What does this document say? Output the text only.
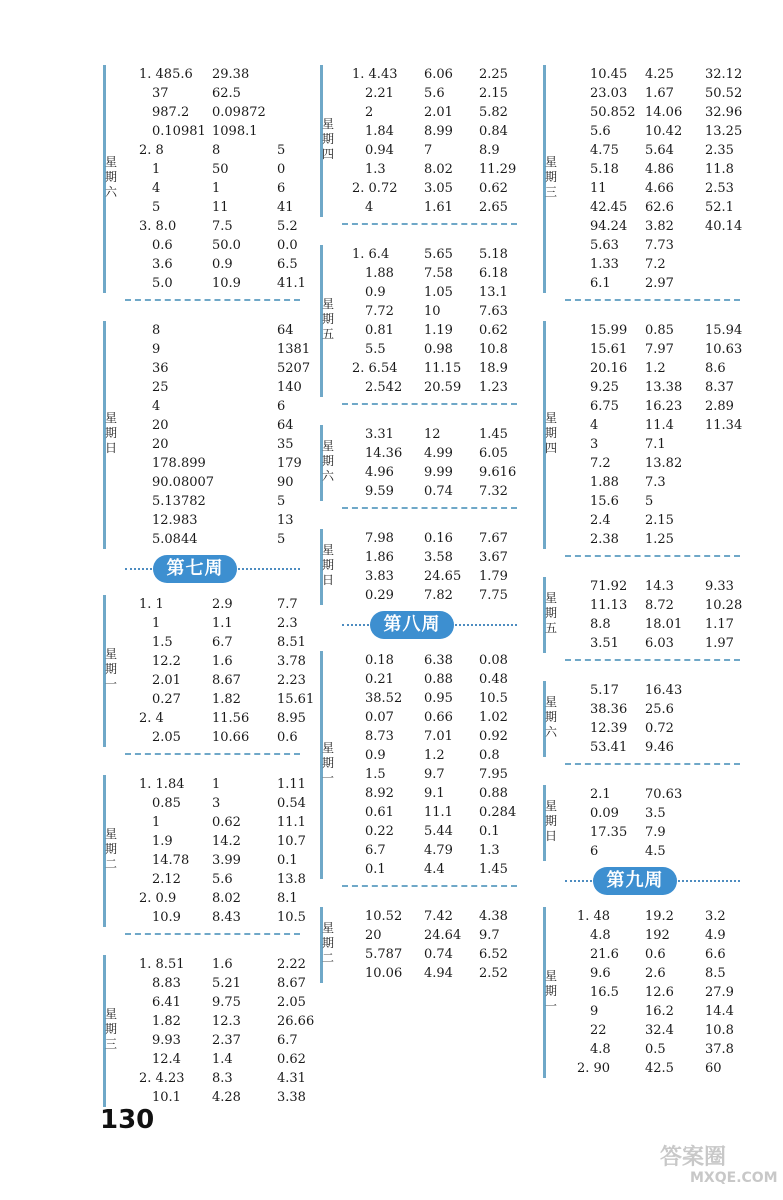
星期六
1. 485.6 29.38
37	62.5
987.2 0.09872
0.10981 1098.1
2. 8	8	5
1	50	0
4	1	6
5	11	41
3. 8.0	7.5	5.2
0.6	50.0	0.0
3.6	0.9	6.5
5.0	10.9	41.1
星期日
8	64
9	1381
36	5207
25	140
4	6
20	64
20	35
178.899	179
90.08007	90
5.13782	5
12.983	13
5.0844	5
第七周
星期一
1. 1	2.9	7.7
1	1.1	2.3
1.5	6.7	8.51
12.2 1.6	3.78
2.01 8.67	2.23
0.27 1.82	15.61
2. 4	11.56 8.95
2.05 10.66 0.6
星期二
1. 1.84 1	1.11
0.85 3	0.54
1	0.62	11.1
1.9	14.2	10.7
14.78 3.99	0.1
2.12 5.6	13.8
2. 0.9	8.02	8.1
10.9 8.43	10.5
星期三
1. 8.51 1.6	2.22
8.83 5.21	8.67
6.41 9.75	2.05
1.82 12.3	26.66
9.93 2.37	6.7
12.4 1.4	0.62
2. 4.23 8.3	4.31
10.1 4.28	3.38
星期四
1. 4.43 6.06 2.25
2.21 5.6	2.15
2	2.01 5.82
1.84 8.99 0.84
0.94 7	8.9
1.3	8.02 11.29
2. 0.72 3.05 0.62
4	1.61 2.65
星期五
1. 6.4	5.65 5.18
1.88 7.58 6.18
0.9	1.05 13.1
7.72 10	7.63
0.81 1.19 0.62
5.5	0.98 10.8
2. 6.54 11.15 18.9
2.542 20.59 1.23
星期六
3.31 12	1.45
14.36 4.99 6.05
4.96 9.99 9.616
9.59 0.74 7.32
星期日
7.98 0.16 7.67
1.86 3.58 3.67
3.83 24.65 1.79
0.29 7.82 7.75
第八周
星期一
0.18 6.38 0.08
0.21 0.88 0.48
38.52 0.95 10.5
0.07 0.66 1.02
8.73 7.01 0.92
0.9	1.2	0.8
1.5	9.7	7.95
8.92 9.1	0.88
0.61 11.1 0.284
0.22 5.44 0.1
6.7	4.79 1.3
0.1	4.4	1.45
星期二
10.52 7.42 4.38
20	24.64 9.7
5.787 0.74 6.52
10.06 4.94 2.52
星期三
10.45 4.25 32.12
23.03 1.67 50.52
50.852 14.06 32.96
5.6	10.42 13.25
4.75 5.64 2.35
5.18 4.86 11.8
11	4.66 2.53
42.45 62.6 52.1
94.24 3.82 40.14
5.63 7.73
1.33 7.2
6.1	2.97
星期四
15.99 0.85 15.94
15.61 7.97 10.63
20.16 1.2	8.6
9.25 13.38 8.37
6.75 16.23 2.89
4	11.4 11.34
3	7.1
7.2	13.82
1.88 7.3
15.6 5
2.4	2.15
2.38 1.25
星期五
71.92 14.3 9.33
11.13 8.72 10.28
8.8	18.01 1.17
3.51 6.03 1.97
星期六
5.17 16.43
38.36 25.6
12.39 0.72
53.41 9.46
星期日
2.1	70.63
0.09 3.5
17.35 7.9
6	4.5
第九周
星期一
1. 48	19.2 3.2
4.8	192	4.9
21.6 0.6	6.6
9.6	2.6	8.5
16.5 12.6 27.9
9	16.2 14.4
22	32.4 10.8
4.8	0.5	37.8
2. 90	42.5 60
130
答案圈
MXQE.COM
